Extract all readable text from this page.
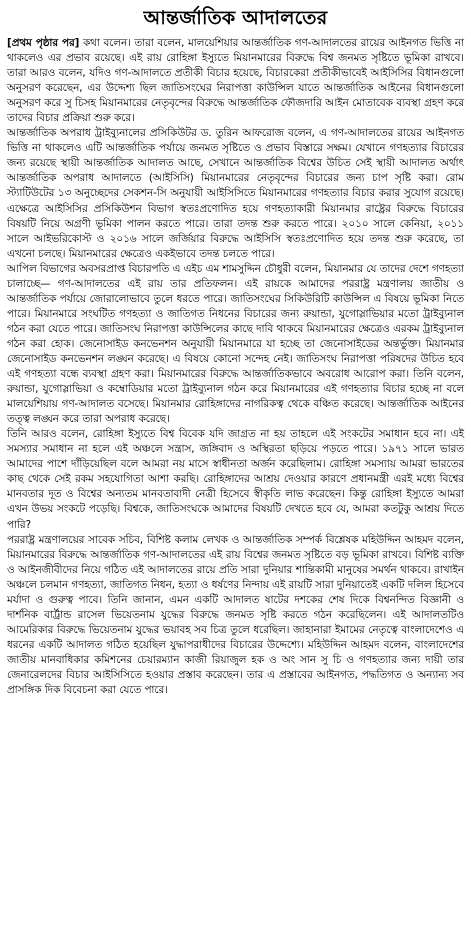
আন্তর্জাতিক আদালতের

[প্রথম পৃষ্ঠার পর] কথা বলেন। তারা বলেন, মালয়েশিয়ার আন্তর্জাতিক গণ-আদালতের রায়ের আইনগত ভিত্তি না থাকলেও এর প্রভাব রয়েছে। এই রায় রোহিঙ্গা ইস্যুতে মিয়ানমারের বিরুদ্ধে বিশ্ব জনমত সৃষ্টিতে ভূমিকা রাখবে। তারা আরও বলেন, যদিও গণ-আদালতে প্রতীকী বিচার হয়েছে, বিচারকেরা প্রতীকীভাবেই আইসিসির বিধানগুলো অনুসরণ করেছেন, এর উদ্দেশ্য ছিল জাতিসংঘের নিরাপত্তা কাউন্সিল যাতে আন্তর্জাতিক আইনের বিধানগুলো অনুসরণ করে সু চিসহ মিয়ানমারের নেতৃবৃন্দের বিরুদ্ধে আন্তর্জাতিক ফৌজদারি আইন মোতাবেক ব্যবস্থা গ্রহণ করে তাদের বিচার প্রক্রিয়া শুরু করে।

আন্তর্জাতিক অপরাধ ট্রাইব্যুনালের প্রসিকিউটর ড. তুরিন আফরোজ বলেন, এ গণ-আদালতের রায়ের আইনগত ভিত্তি না থাকলেও এটি আন্তর্জাতিক পর্যায়ে জনমত সৃষ্টিতে ও প্রভাব বিস্তারে সক্ষম। যেখানে গণহত্যার বিচারের জন্য রয়েছে স্থায়ী আন্তর্জাতিক আদালত আছে, সেখানে আন্তর্জাতিক বিশ্বের উচিত সেই স্থায়ী আদালত অর্থাৎ আন্তর্জাতিক অপরাধ আদালতে (আইসিসি) মিয়ানমারের নেতৃবৃন্দের বিচারের জন্য চাপ সৃষ্টি করা। রোম স্ট্যাটিউটের ১৩ অনুচ্ছেদের সেকশন-সি অনুযায়ী আইসিসিতে মিয়ানমারের গণহত্যার বিচার করার সুযোগ রয়েছে। এক্ষেত্রে আইসিসির প্রসিকিউশন বিভাগ স্বতঃপ্রণোদিত হয়ে গণহত্যাকারী মিয়ানমার রাষ্ট্রের বিরুদ্ধে বিচারের বিষয়টি নিয়ে অগ্রণী ভূমিকা পালন করতে পারে। তারা তদন্ত শুরু করতে পারে। ২০১০ সালে কেনিয়া, ২০১১ সালে আইভরিকোস্ট ও ২০১৬ সালে জর্জিয়ার বিরুদ্ধে আইসিসি স্বতঃপ্রণোদিত হয়ে তদন্ত শুরু করেছে, তা এখনো চলছে। মিয়ানমারের ক্ষেত্রেও একইভাবে তদন্ত চলতে পারে।

আপিল বিভাগের অবসরপ্রাপ্ত বিচারপতি এ এইচ এম শামসুদ্দিন চৌধুরী বলেন, মিয়ানমার যে তাদের দেশে গণহত্যা চালাচ্ছে— গণ-আদালতের এই রায় তার প্রতিফলন। এই রায়কে আমাদের পররাষ্ট্র মন্ত্রণালয় জাতীয় ও আন্তর্জাতিক পর্যায়ে জোরালোভাবে তুলে ধরতে পারে। জাতিসংঘের সিকিউরিটি কাউন্সিল এ বিষয়ে ভূমিকা নিতে পারে। মিয়ানমারে সংঘটিত গণহত্যা ও জাতিগত নিধনের বিচারের জন্য রুয়ান্ডা, যুগোস্লাভিয়ার মতো ট্রাইব্যুনাল গঠন করা যেতে পারে। জাতিসংঘ নিরাপত্তা কাউন্সিলের কাছে দাবি থাকবে মিয়ানমারের ক্ষেত্রেও এরকম ট্রাইব্যুনাল গঠন করা হোক। জেনোসাইড কনভেনশন অনুযায়ী মিয়ানমারে যা হচ্ছে তা জেনোসাইডের অন্তর্ভুক্ত। মিয়ানমার জেনোসাইড কনভেনশন লঙ্ঘন করেছে। এ বিষয়ে কোনো সন্দেহ নেই। জাতিসংঘ নিরাপত্তা পরিষদের উচিত হবে এই গণহত্যা বন্ধে ব্যবস্থা গ্রহণ করা। মিয়ানমারের বিরুদ্ধে আন্তর্জাতিকভাবে অবরোধ আরোপ করা। তিনি বলেন, রুয়ান্ডা, যুগোস্লাভিয়া ও কম্বোডিয়ার মতো ট্রাইব্যুনাল গঠন করে মিয়ানমারের এই গণহত্যার বিচার হচ্ছে না বলে মালয়েশিয়ায় গণ-আদালত বসেছে। মিয়ানমার রোহিঙ্গাদের নাগরিকত্ব থেকে বঞ্চিত করেছে। আন্তর্জাতিক আইনের তত্ত্ব লঙ্ঘন করে তারা অপরাধ করেছে।

তিনি আরও বলেন, রোহিঙ্গা ইস্যুতে বিশ্ব বিবেক যদি জাগ্রত না হয় তাহলে এই সংকটের সমাধান হবে না। এই সমস্যার সমাধান না হলে এই অঞ্চলে সন্ত্রাস, জঙ্গিবাদ ও অস্থিরতা ছড়িয়ে পড়তে পারে। ১৯৭১ সালে ভারত আমাদের পাশে দাঁড়িয়েছিল বলে আমরা নয় মাসে স্বাধীনতা অর্জন করেছিলাম। রোহিঙ্গা সমস্যায় আমরা ভারতের কাছ থেকে সেই রকম সহযোগিতা আশা করছি। রোহিঙ্গাদের আশ্রয় দেওয়ার কারণে প্রধানমন্ত্রী এরই মধ্যে বিশ্বের মানবতার দূত ও বিশ্বের অন্যতম মানবতাবাদী নেত্রী হিসেবে স্বীকৃতি লাভ করেছেন। কিন্তু রোহিঙ্গা ইস্যুতে আমরা এখন উভয় সংকটে পড়েছি। বিশ্বকে, জাতিসংঘকে আমাদের বিষয়টি দেখতে হবে যে, আমরা কতটুকু আশ্রয় দিতে পারি?

পররাষ্ট্র মন্ত্রণালয়ের সাবেক সচিব, বিশিষ্ট কলাম লেখক ও আন্তর্জাতিক সম্পর্ক বিশ্লেষক মহিউদ্দিন আহমদ বলেন, মিয়ানমারের বিরুদ্ধে আন্তর্জাতিক গণ-আদালতের এই রায় বিশ্বের জনমত সৃষ্টিতে বড় ভূমিকা রাখবে। বিশিষ্ট ব্যক্তি ও আইনজীবীদের নিয়ে গঠিত এই আদালতের রায়ে প্রতি সারা দুনিয়ার শান্তিকামী মানুষের সমর্থন থাকবে। রাখাইন অঞ্চলে চলমান গণহত্যা, জাতিগত নিধন, হত্যা ও ধর্ষণের নিন্দায় এই রায়টি সারা দুনিয়াতেই একটি দলিল হিসেবে মর্যাদা ও গুরুত্ব পাবে। তিনি জানান, এমন একটি আদালত ষাটের দশকের শেষ দিকে বিশ্বনন্দিত বিজ্ঞানী ও দার্শনিক বার্ট্রান্ড রাসেল ভিয়েতনাম যুদ্ধের বিরুদ্ধে জনমত সৃষ্টি করতে গঠন করেছিলেন। এই আদালতটিও আমেরিকার বিরুদ্ধে ভিয়েতনাম যুদ্ধের ভয়াবহ সব চিত্র তুলে ধরেছিল। জাহানারা ইমামের নেতৃত্বে বাংলাদেশেও এ ধরনের একটি আদালত গঠিত হয়েছিল যুদ্ধাপরাধীদের বিচারের উদ্দেশ্যে। মহিউদ্দিন আহমদ বলেন, বাংলাদেশের জাতীয় মানবাধিকার কমিশনের চেয়ারম্যান কাজী রিয়াজুল হক ও অং সান সু চি ও গণহত্যার জন্য দায়ী তার জেনারেলদের বিচার আইসিসিতে হওয়ার প্রস্তাব করেছেন। তার এ প্রস্তাবের আইনগত, পদ্ধতিগত ও অন্যান্য সব প্রাসঙ্গিক দিক বিবেচনা করা যেতে পারে।
